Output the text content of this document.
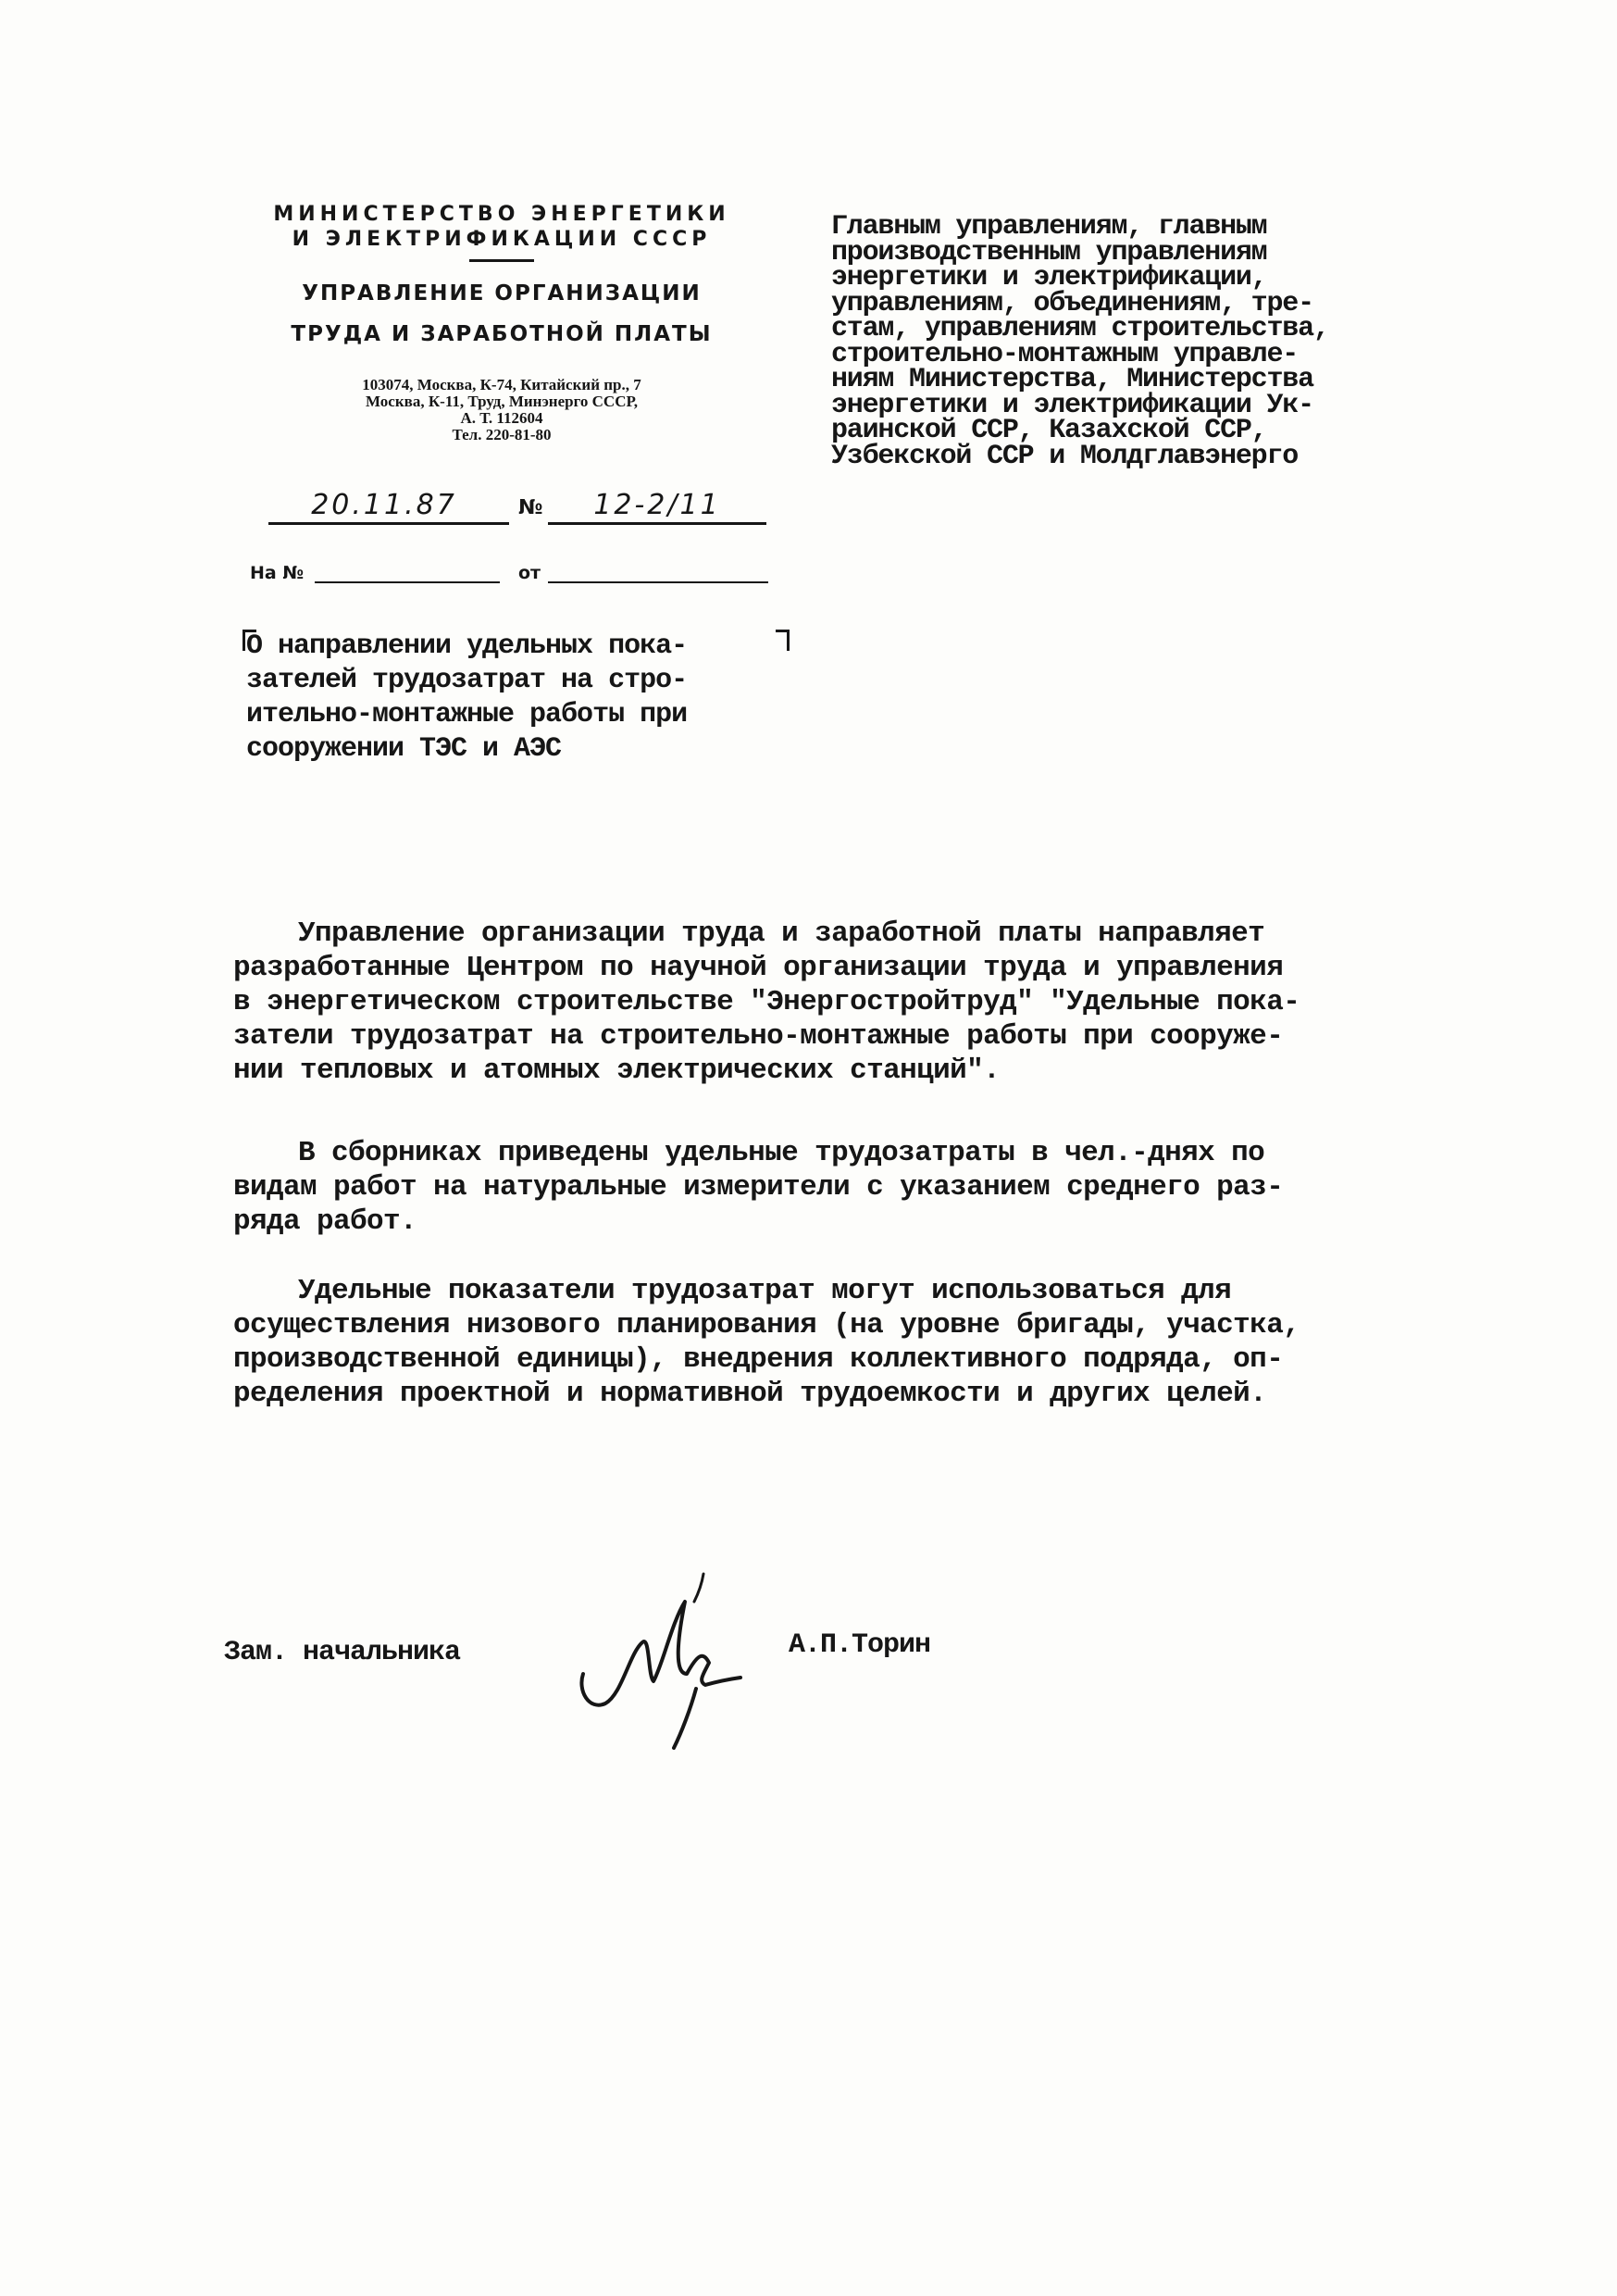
МИНИСТЕРСТВО ЭНЕРГЕТИКИ

И ЭЛЕКТРИФИКАЦИИ СССР

УПРАВЛЕНИЕ ОРГАНИЗАЦИИ

ТРУДА И ЗАРАБОТНОЙ ПЛАТЫ

103074, Москва, К-74, Китайский пр., 7
Москва, К-11, Труд, Минэнерго СССР,
А. Т. 112604
Тел. 220-81-80
20.11.87	№	12-2/11
На №	от
О направлении удельных пока-
зателей трудозатрат на стро-
ительно-монтажные работы при
сооружении ТЭС и АЭС
Главным управлениям, главным
производственным управлениям
энергетики и электрификации,
управлениям, объединениям, тре-
стам, управлениям строительства,
строительно-монтажным управле-
ниям Министерства, Министерства
энергетики и электрификации Ук-
раинской ССР, Казахской ССР,
Узбекской ССР и Молдглавэнерго
Управление организации труда и заработной платы направляет
разработанные Центром по научной организации труда и управления
в энергетическом строительстве "Энергостройтруд" "Удельные пока-
затели трудозатрат на строительно-монтажные работы при сооруже-
нии тепловых и атомных электрических станций".
В сборниках приведены удельные трудозатраты в чел.-днях по
видам работ на натуральные измерители с указанием среднего раз-
ряда работ.
Удельные показатели трудозатрат могут использоваться для
осуществления низового планирования (на уровне бригады, участка,
производственной единицы), внедрения коллективного подряда, оп-
ределения проектной и нормативной трудоемкости и других целей.
Зам. начальника	А.П.Торин
